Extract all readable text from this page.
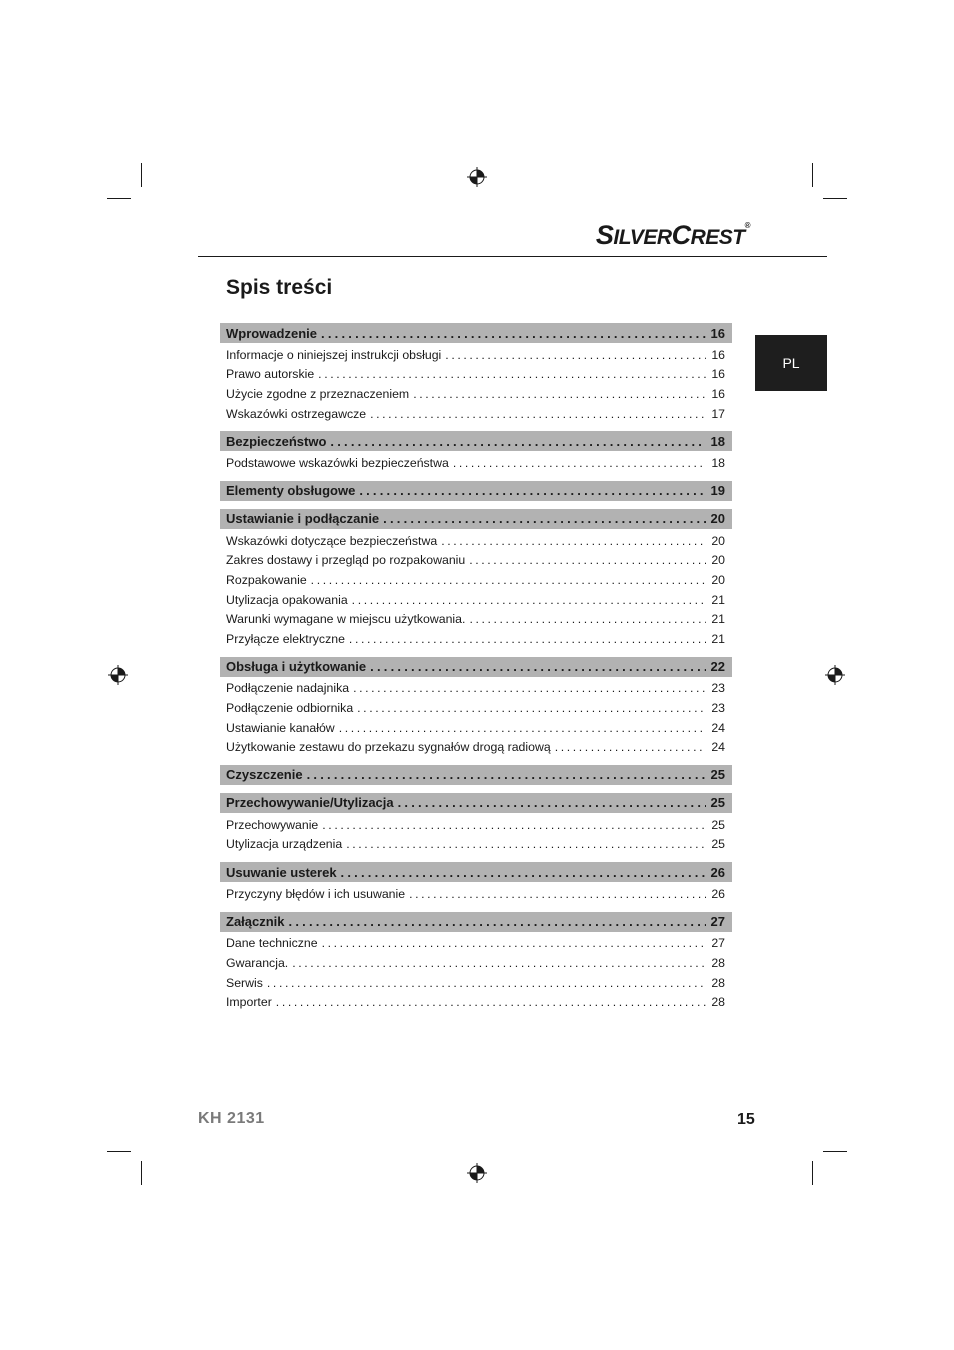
SILVERCREST®
Spis treści
PL
Wprowadzenie .....	16
Informacje o niniejszej instrukcji obsługi .....	16
Prawo autorskie .....	16
Użycie zgodne z przeznaczeniem .....	16
Wskazówki ostrzegawcze .....	17
Bezpieczeństwo .....	18
Podstawowe wskazówki bezpieczeństwa .....	18
Elementy obsługowe .....	19
Ustawianie i podłączanie .....	20
Wskazówki dotyczące bezpieczeństwa .....	20
Zakres dostawy i przegląd po rozpakowaniu .....	20
Rozpakowanie .....	20
Utylizacja opakowania .....	21
Warunki wymagane w miejscu użytkowania. .....	21
Przyłącze elektryczne .....	21
Obsługa i użytkowanie .....	22
Podłączenie nadajnika .....	23
Podłączenie odbiornika .....	23
Ustawianie kanałów .....	24
Użytkowanie zestawu do przekazu sygnałów drogą radiową .....	24
Czyszczenie .....	25
Przechowywanie/Utylizacja .....	25
Przechowywanie .....	25
Utylizacja urządzenia .....	25
Usuwanie usterek .....	26
Przyczyny błędów i ich usuwanie .....	26
Załącznik .....	27
Dane techniczne .....	27
Gwarancja. .....	28
Serwis .....	28
Importer .....	28
KH 2131	15
